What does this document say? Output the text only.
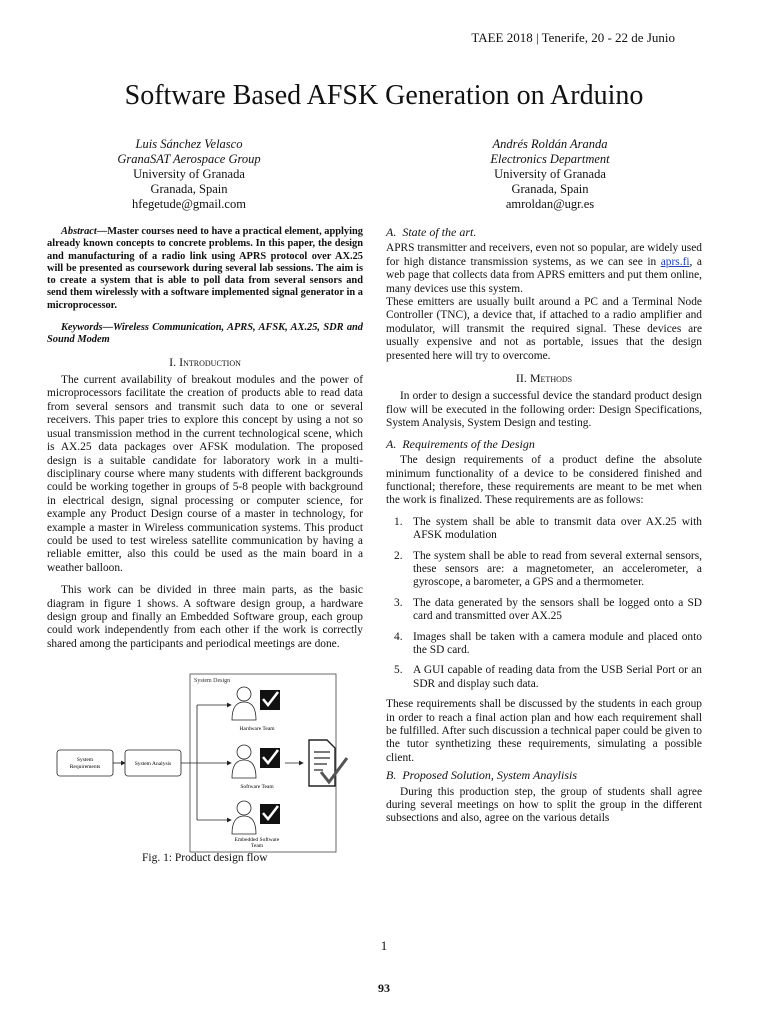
TAEE 2018 | Tenerife, 20 - 22 de Junio
Software Based AFSK Generation on Arduino
Luis Sánchez Velasco
GranaSAT Aerospace Group
University of Granada
Granada, Spain
hfegetude@gmail.com
Andrés Roldán Aranda
Electronics Department
University of Granada
Granada, Spain
amroldan@ugr.es

Abstract—Master courses need to have a practical element, applying already known concepts to concrete problems. In this paper, the design and manufacturing of a radio link using APRS protocol over AX.25 will be presented as coursework during several lab sessions. The aim is to create a system that is able to poll data from several sensors and send them wirelessly with a software implemented signal generator in a microprocessor.

Keywords—Wireless Communication, APRS, AFSK, AX.25, SDR and Sound Modem

I. Introduction

The current availability of breakout modules and the power of microprocessors facilitate the creation of products able to read data from several sensors and transmit such data to one or several receivers. This paper tries to explore this concept by using a not so usual transmission method in the current technological scene, which is AX.25 data packages over AFSK modulation. The proposed design is a suitable candidate for laboratory work in a multi-disciplinary course where many students with different backgrounds could be working together in groups of 5-8 people with background in electrical design, signal processing or computer science, for example any Product Design course of a master in technology, for example a master in Wireless communication systems. This product could be used to test wireless satellite communication by having a reliable emitter, also this could be used as the main board in a weather balloon.

This work can be divided in three main parts, as the basic diagram in figure 1 shows. A software design group, a hardware design group and finally an Embedded Software group, each group could work independently from each other if the work is correctly shared among the participants and periodical meetings are done.

System Design
System
Requirements	System Analysis
Hardware Team
Software Team
Embedded Software
Team
Fig. 1: Product design flow
A. State of the art.

APRS transmitter and receivers, even not so popular, are widely used for high distance transmission systems, as we can see in aprs.fi, a web page that collects data from APRS emitters and put them online, many devices use this system.

These emitters are usually built around a PC and a Terminal Node Controller (TNC), a device that, if attached to a radio amplifier and modulator, will transmit the required signal. These devices are usually expensive and not as portable, issues that the design presented here will try to overcome.

II. Methods

In order to design a successful device the standard product design flow will be executed in the following order: Design Specifications, System Analysis, System Design and testing.

A. Requirements of the Design

The design requirements of a product define the absolute minimum functionality of a device to be considered finished and functional; therefore, these requirements are meant to be met when the work is finalized. These requirements are as follows:

1. The system shall be able to transmit data over AX.25 with AFSK modulation
2. The system shall be able to read from several external sensors, these sensors are: a magnetometer, an accelerometer, a gyroscope, a barometer, a GPS and a thermometer.
3. The data generated by the sensors shall be logged onto a SD card and transmitted over AX.25
4. Images shall be taken with a camera module and placed onto the SD card.
5. A GUI capable of reading data from the USB Serial Port or an SDR and display such data.

These requirements shall be discussed by the students in each group in order to reach a final action plan and how each requirement shall be fulfilled. After such discussion a technical paper could be given to the tutor synthetizing these requirements, simulating a possible client.

B. Proposed Solution, System Anaylisis

During this production step, the group of students shall agree during several meetings on how to split the group in the different subsections and also, agree on the various details

1
93
